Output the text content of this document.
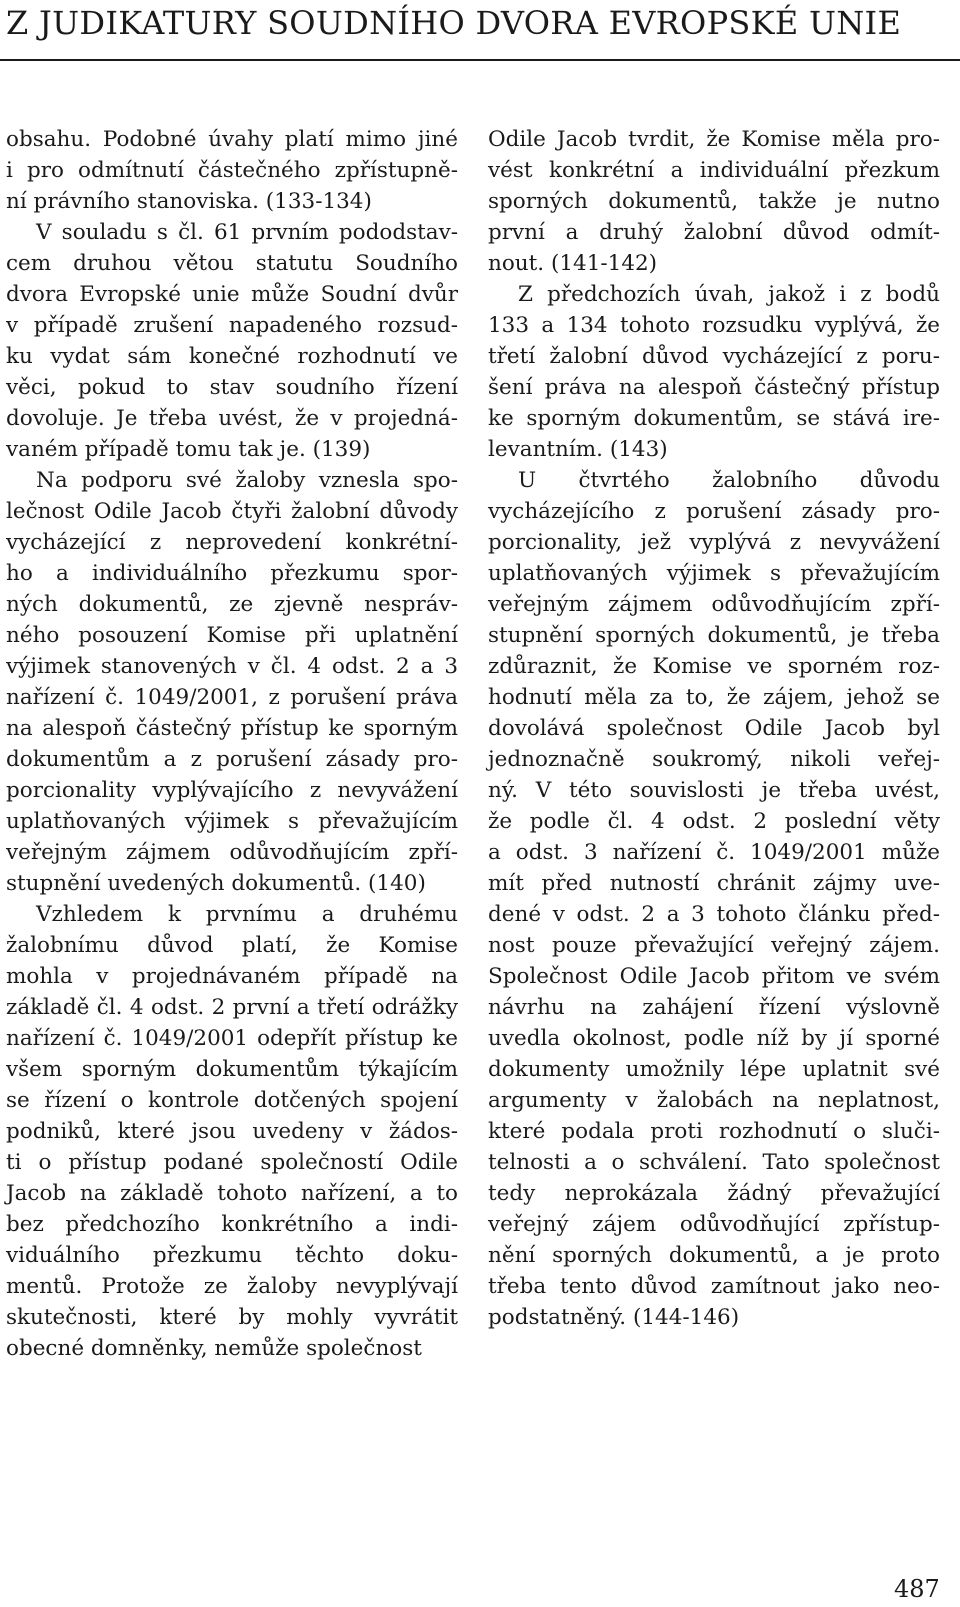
Z JUDIKATURY SOUDNÍHO DVORA EVROPSKÉ UNIE
obsahu. Podobné úvahy platí mimo jiné
i pro odmítnutí částečného zpřístupně-
ní právního stanoviska. (133-134)
V souladu s čl. 61 prvním pododstav-
cem druhou větou statutu Soudního
dvora Evropské unie může Soudní dvůr
v případě zrušení napadeného rozsud-
ku vydat sám konečné rozhodnutí ve
věci, pokud to stav soudního řízení
dovoluje. Je třeba uvést, že v projedná-
vaném případě tomu tak je. (139)
Na podporu své žaloby vznesla spo-
lečnost Odile Jacob čtyři žalobní důvody
vycházející z neprovedení konkrétní-
ho a individuálního přezkumu spor-
ných dokumentů, ze zjevně nespráv-
ného posouzení Komise při uplatnění
výjimek stanovených v čl. 4 odst. 2 a 3
nařízení č. 1049/2001, z porušení práva
na alespoň částečný přístup ke sporným
dokumentům a z porušení zásady pro-
porcionality vyplývajícího z nevyvážení
uplatňovaných výjimek s převažujícím
veřejným zájmem odůvodňujícím zpří-
stupnění uvedených dokumentů. (140)
Vzhledem k prvnímu a druhému
žalobnímu důvod platí, že Komise
mohla v projednávaném případě na
základě čl. 4 odst. 2 první a třetí odrážky
nařízení č. 1049/2001 odepřít přístup ke
všem sporným dokumentům týkajícím
se řízení o kontrole dotčených spojení
podniků, které jsou uvedeny v žádos-
ti o přístup podané společností Odile
Jacob na základě tohoto nařízení, a to
bez předchozího konkrétního a indi-
viduálního přezkumu těchto doku-
mentů. Protože ze žaloby nevyplývají
skutečnosti, které by mohly vyvrátit
obecné domněnky, nemůže společnost
Odile Jacob tvrdit, že Komise měla pro-
vést konkrétní a individuální přezkum
sporných dokumentů, takže je nutno
první a druhý žalobní důvod odmít-
nout. (141-142)
Z předchozích úvah, jakož i z bodů
133 a 134 tohoto rozsudku vyplývá, že
třetí žalobní důvod vycházející z poru-
šení práva na alespoň částečný přístup
ke sporným dokumentům, se stává ire-
levantním. (143)
U čtvrtého žalobního důvodu
vycházejícího z porušení zásady pro-
porcionality, jež vyplývá z nevyvážení
uplatňovaných výjimek s převažujícím
veřejným zájmem odůvodňujícím zpří-
stupnění sporných dokumentů, je třeba
zdůraznit, že Komise ve sporném roz-
hodnutí měla za to, že zájem, jehož se
dovolává společnost Odile Jacob byl
jednoznačně soukromý, nikoli veřej-
ný. V této souvislosti je třeba uvést,
že podle čl. 4 odst. 2 poslední věty
a odst. 3 nařízení č. 1049/2001 může
mít před nutností chránit zájmy uve-
dené v odst. 2 a 3 tohoto článku před-
nost pouze převažující veřejný zájem.
Společnost Odile Jacob přitom ve svém
návrhu na zahájení řízení výslovně
uvedla okolnost, podle níž by jí sporné
dokumenty umožnily lépe uplatnit své
argumenty v žalobách na neplatnost,
které podala proti rozhodnutí o sluči-
telnosti a o schválení. Tato společnost
tedy neprokázala žádný převažující
veřejný zájem odůvodňující zpřístup-
nění sporných dokumentů, a je proto
třeba tento důvod zamítnout jako neo-
podstatněný. (144-146)
487
